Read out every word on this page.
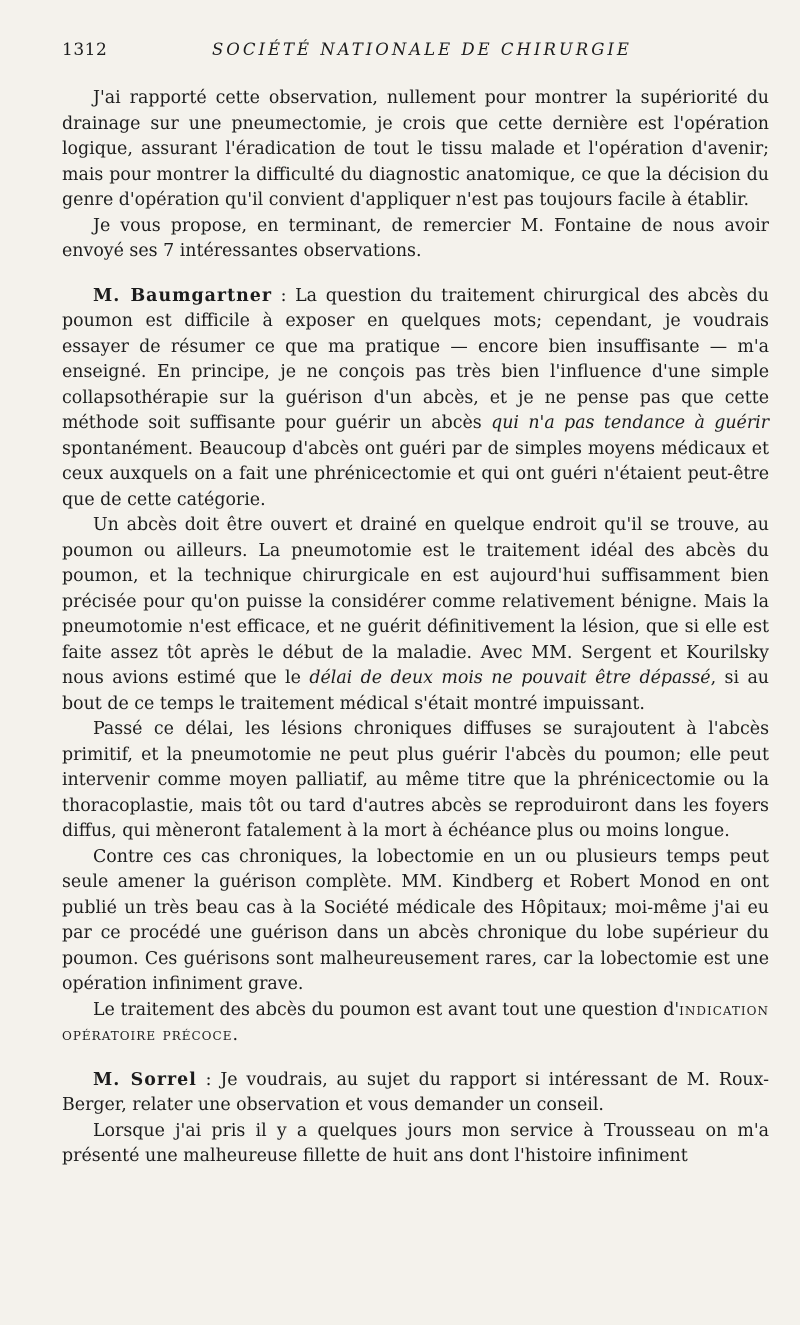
1312	SOCIÉTÉ NATIONALE DE CHIRURGIE

J'ai rapporté cette observation, nullement pour montrer la supériorité du drainage sur une pneumectomie, je crois que cette dernière est l'opération logique, assurant l'éradication de tout le tissu malade et l'opération d'avenir; mais pour montrer la difficulté du diagnostic anatomique, ce que la décision du genre d'opération qu'il convient d'appliquer n'est pas toujours facile à établir.

Je vous propose, en terminant, de remercier M. Fontaine de nous avoir envoyé ses 7 intéressantes observations.

M. Baumgartner : La question du traitement chirurgical des abcès du poumon est difficile à exposer en quelques mots; cependant, je voudrais essayer de résumer ce que ma pratique — encore bien insuffisante — m'a enseigné. En principe, je ne conçois pas très bien l'influence d'une simple collapsothérapie sur la guérison d'un abcès, et je ne pense pas que cette méthode soit suffisante pour guérir un abcès qui n'a pas tendance à guérir spontanément. Beaucoup d'abcès ont guéri par de simples moyens médicaux et ceux auxquels on a fait une phrénicectomie et qui ont guéri n'étaient peut-être que de cette catégorie.

Un abcès doit être ouvert et drainé en quelque endroit qu'il se trouve, au poumon ou ailleurs. La pneumotomie est le traitement idéal des abcès du poumon, et la technique chirurgicale en est aujourd'hui suffisamment bien précisée pour qu'on puisse la considérer comme relativement bénigne. Mais la pneumotomie n'est efficace, et ne guérit définitivement la lésion, que si elle est faite assez tôt après le début de la maladie. Avec MM. Sergent et Kourilsky nous avions estimé que le délai de deux mois ne pouvait être dépassé, si au bout de ce temps le traitement médical s'était montré impuissant.

Passé ce délai, les lésions chroniques diffuses se surajoutent à l'abcès primitif, et la pneumotomie ne peut plus guérir l'abcès du poumon; elle peut intervenir comme moyen palliatif, au même titre que la phrénicectomie ou la thoracoplastie, mais tôt ou tard d'autres abcès se reproduiront dans les foyers diffus, qui mèneront fatalement à la mort à échéance plus ou moins longue.

Contre ces cas chroniques, la lobectomie en un ou plusieurs temps peut seule amener la guérison complète. MM. Kindberg et Robert Monod en ont publié un très beau cas à la Société médicale des Hôpitaux; moi-même j'ai eu par ce procédé une guérison dans un abcès chronique du lobe supérieur du poumon. Ces guérisons sont malheureusement rares, car la lobectomie est une opération infiniment grave.

Le traitement des abcès du poumon est avant tout une question d'indication opératoire précoce.

M. Sorrel : Je voudrais, au sujet du rapport si intéressant de M. Roux-Berger, relater une observation et vous demander un conseil.

Lorsque j'ai pris il y a quelques jours mon service à Trousseau on m'a présenté une malheureuse fillette de huit ans dont l'histoire infiniment
